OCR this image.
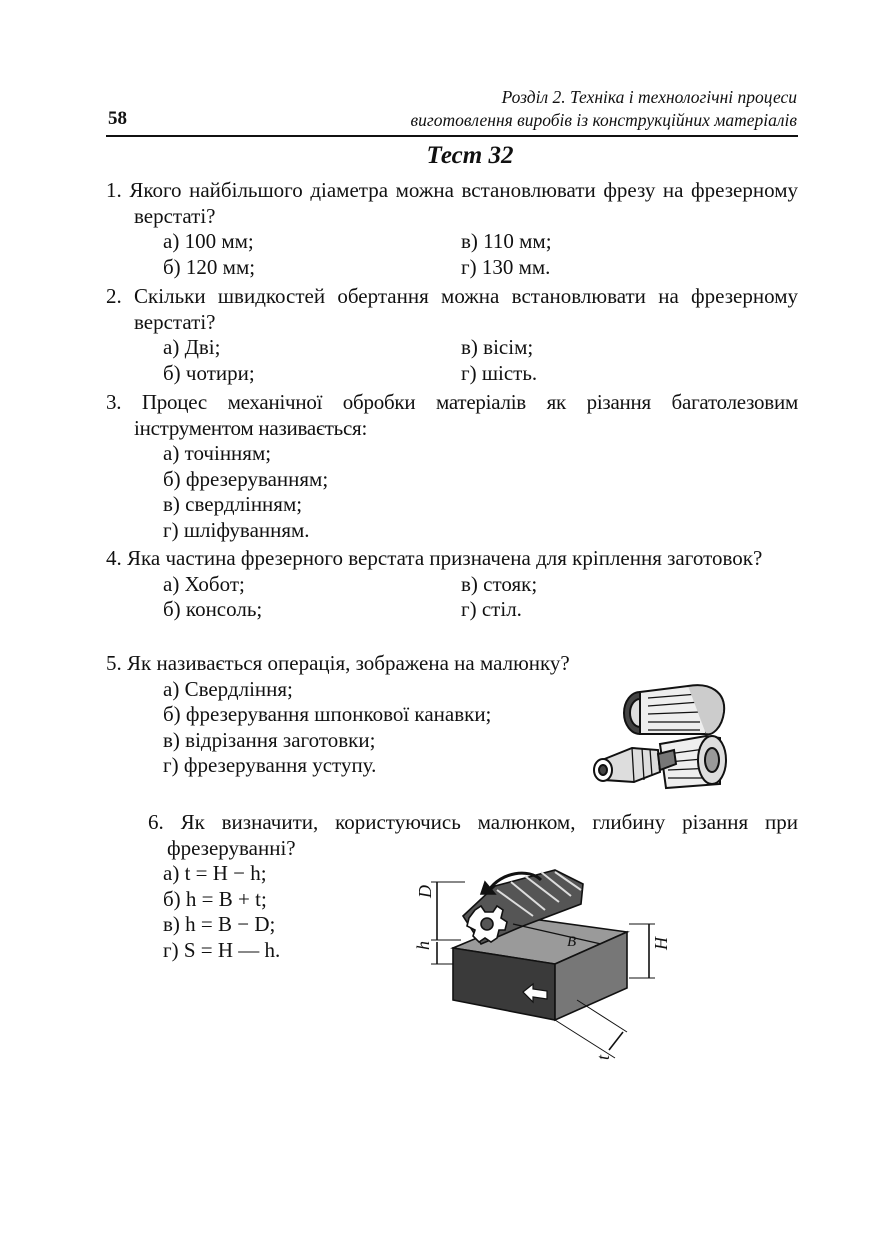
58
Розділ 2. Техніка і технологічні процеси
виготовлення виробів із конструкційних матеріалів
Тест 32
1. Якого найбільшого діаметра можна встановлювати фрезу на фрезерному верстаті?
а) 100 мм;	в) 110 мм;
б) 120 мм;	г) 130 мм.
2. Скільки швидкостей обертання можна встановлювати на фрезерному верстаті?
а) Дві;	в) вісім;
б) чотири;	г) шість.
3. Процес механічної обробки матеріалів як різання багатолезовим інструментом називається:
а) точінням;
б) фрезеруванням;
в) свердлінням;
г) шліфуванням.
4. Яка частина фрезерного верстата призначена для кріплення заготовок?
а) Хобот;	в) стояк;
б) консоль;	г) стіл.
5. Як називається операція, зображена на малюнку?
а) Свердління;
б) фрезерування шпонкової канавки;
в) відрізання заготовки;
г) фрезерування уступу.
6. Як визначити, користуючись малюнком, глибину різання при фрезеруванні?
а) t = H − h;
б) h = B + t;
в) h = B − D;
г) S = H — h.
D
h	B	H
t
